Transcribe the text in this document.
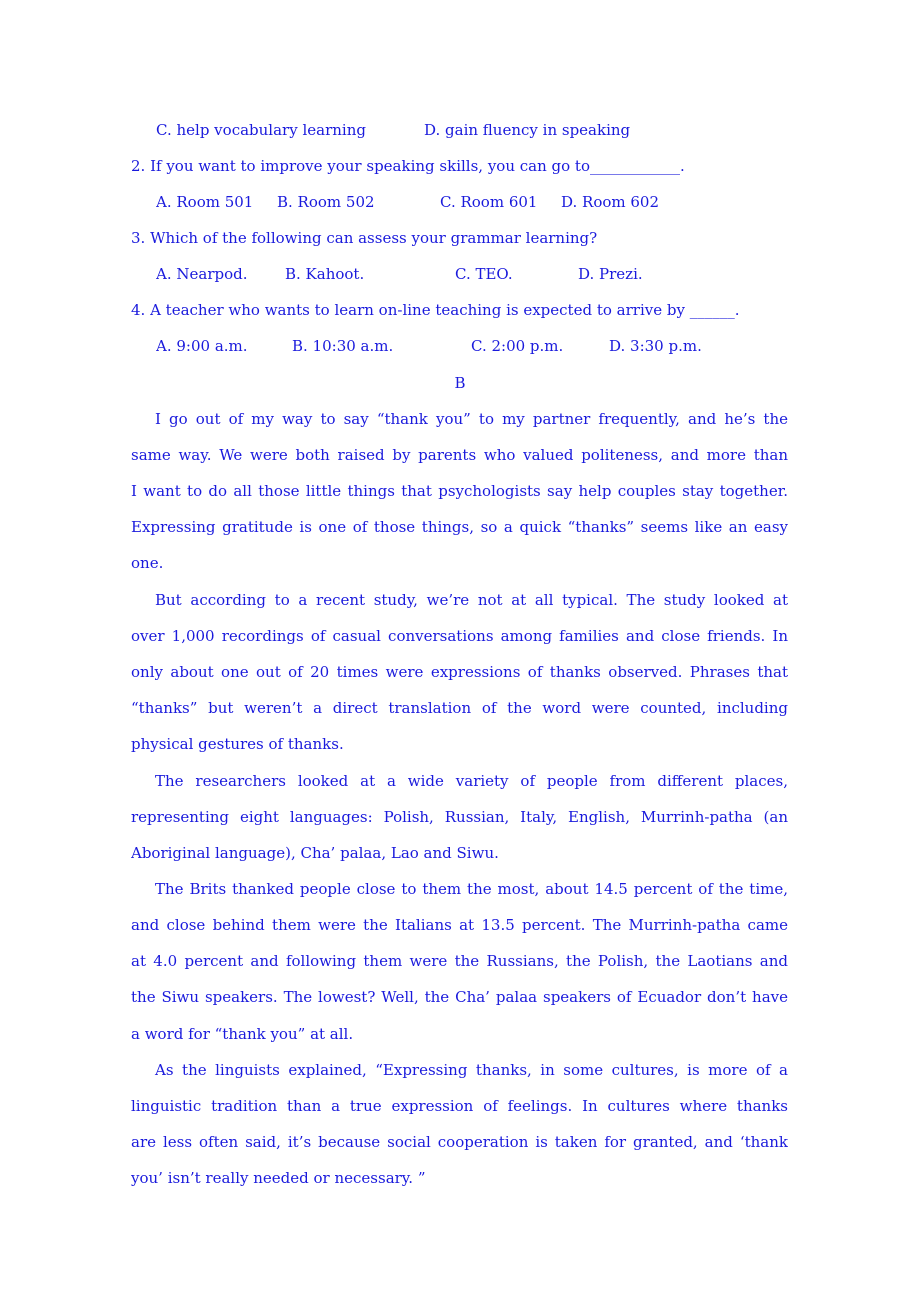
C. help vocabulary learning

	D. gain fluency in speaking

2. If you want to improve your speaking skills, you can go to____________.

A. Room 501

B. Room 502

	C. Room 601

D. Room 602

3. Which of the following can assess your grammar learning?

A. Nearpod.

	B. Kahoot.

	C. TEO.

	D. Prezi.

4. A teacher who wants to learn on-line teaching is expected to arrive by ______.

A. 9:00 a.m.

	B. 10:30 a.m.

	C. 2:00 p.m.

	D. 3:30 p.m.

B
I go out of my way to say “thank you” to my partner frequently, and he’s the
same way. We were both raised by parents who valued politeness, and more than
I want to do all those little things that psychologists say help couples stay together.
Expressing gratitude is one of those things, so a quick “thanks” seems like an easy
one.
But according to a recent study, we’re not at all typical. The study looked at
over 1,000 recordings of casual conversations among families and close friends. In
only about one out of 20 times were expressions of thanks observed. Phrases that
“thanks” but weren’t a direct translation of the word were counted, including
physical gestures of thanks.
The researchers looked at a wide variety of people from different places,
representing eight languages: Polish, Russian, Italy, English, Murrinh-patha (an
Aboriginal language), Cha’ palaa, Lao and Siwu.
The Brits thanked people close to them the most, about 14.5 percent of the time,
and close behind them were the Italians at 13.5 percent. The Murrinh-patha came
at 4.0 percent and following them were the Russians, the Polish, the Laotians and
the Siwu speakers. The lowest? Well, the Cha’ palaa speakers of Ecuador don’t have
a word for “thank you” at all.
As the linguists explained, “Expressing thanks, in some cultures, is more of a
linguistic tradition than a true expression of feelings. In cultures where thanks
are less often said, it’s because social cooperation is taken for granted, and ‘thank
you’ isn’t really needed or necessary. ”
